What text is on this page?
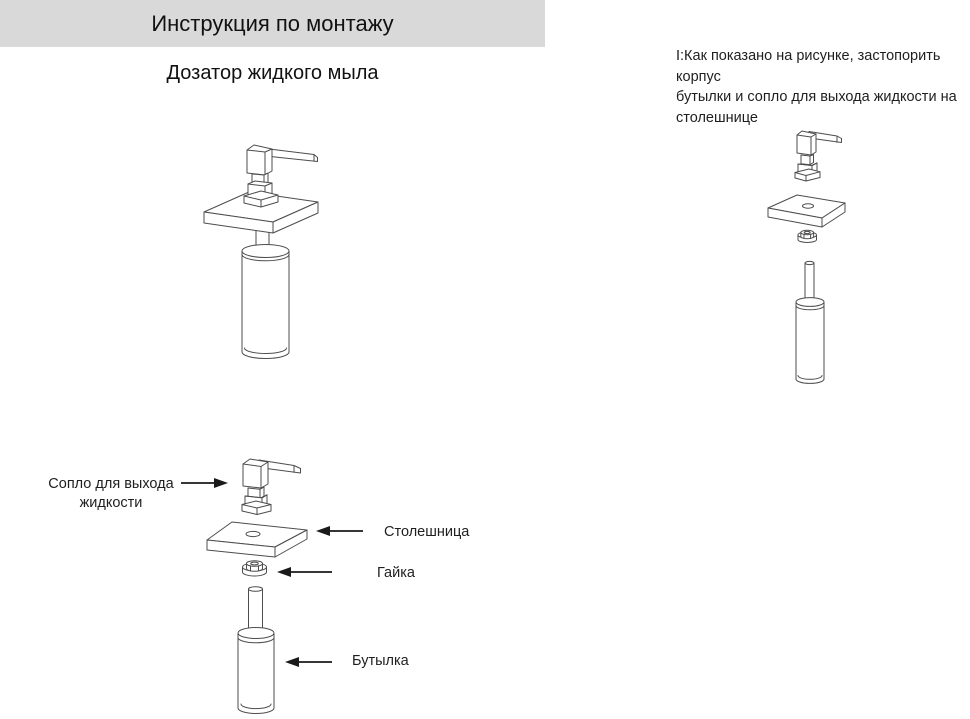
Инструкция по монтажу
Дозатор жидкого мыла
I:Как показано на рисунке, застопорить корпус
бутылки и сопло для выхода жидкости на
столешнице
Сопло для выхода жидкости
Столешница
Гайка
Бутылка
